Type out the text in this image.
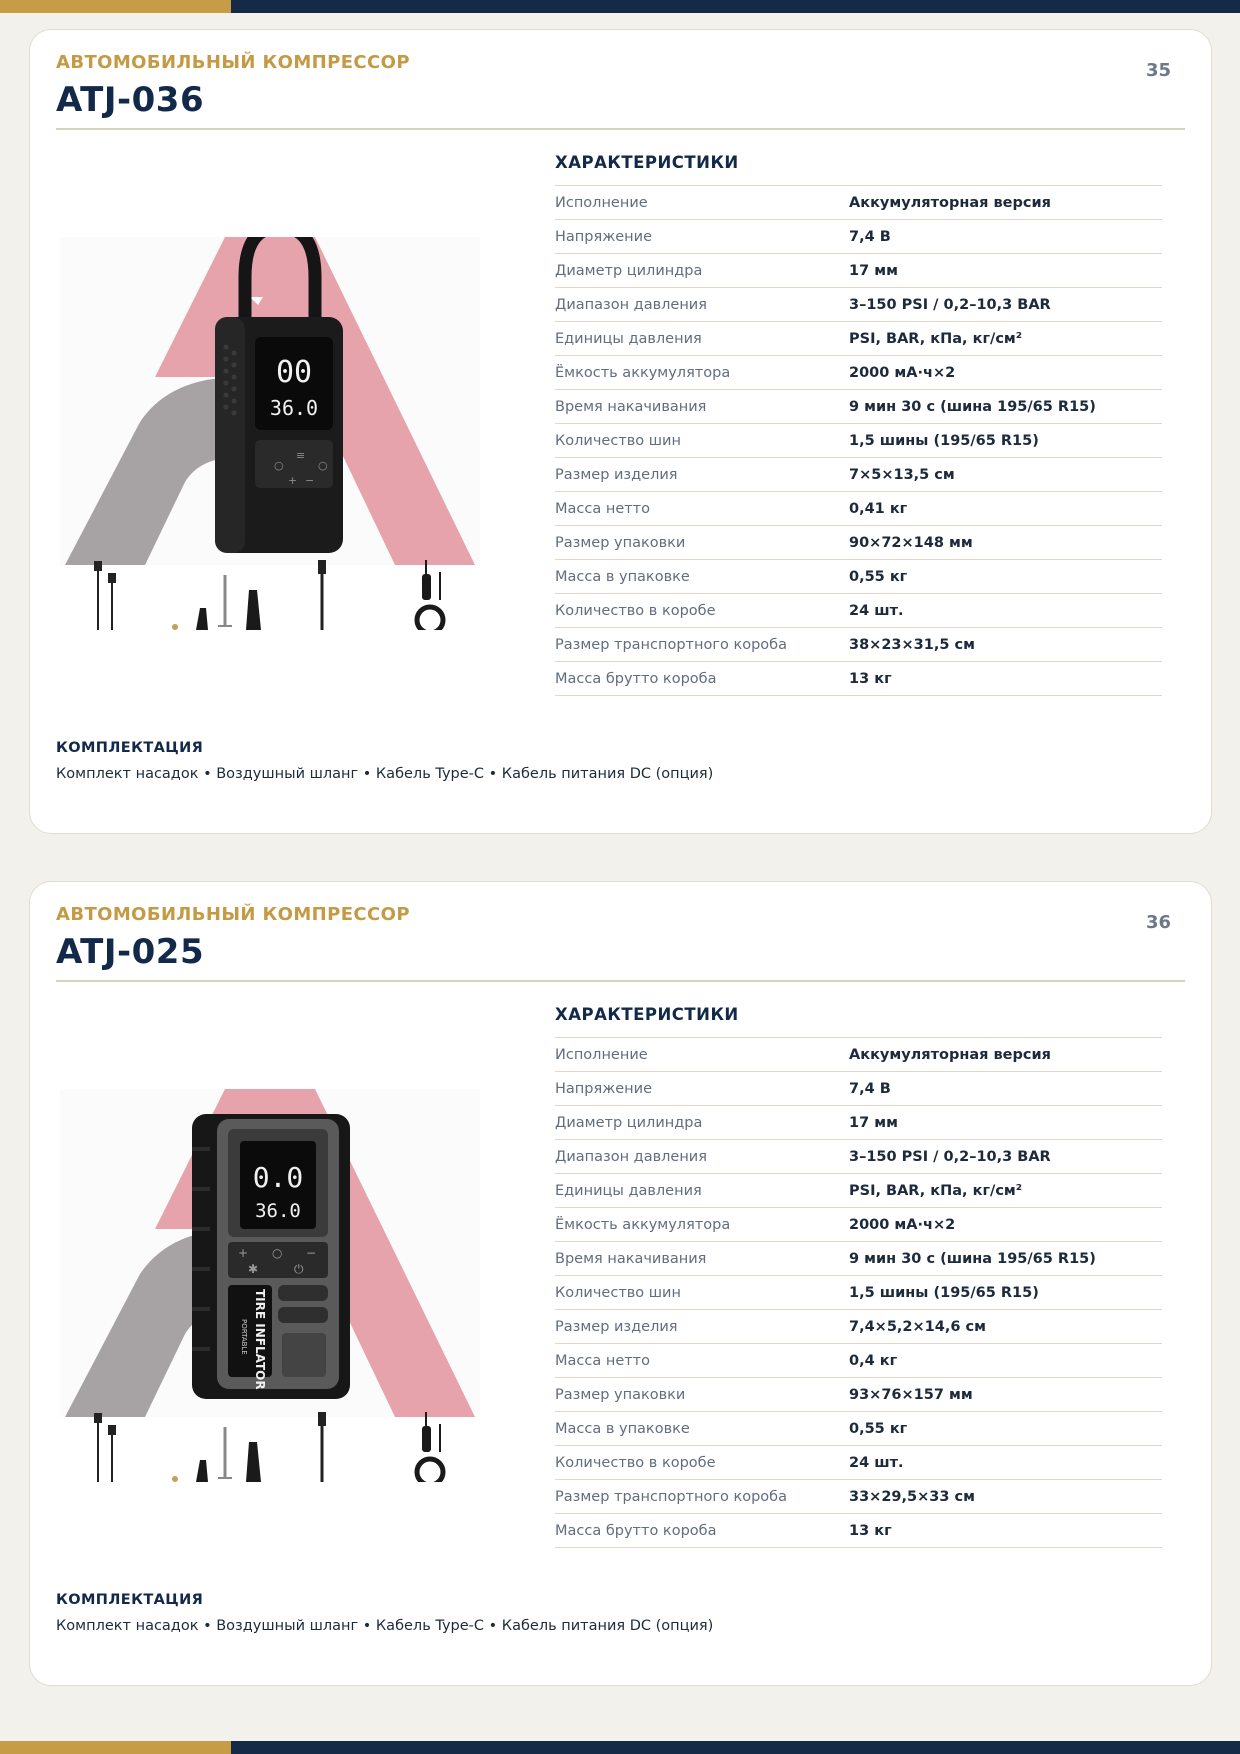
АВТОМОБИЛЬНЫЙ КОМПРЕССОР
ATJ-036
35
00
36.0
○
≡
○
+ −
ХАРАКТЕРИСТИКИ
Исполнение	Аккумуляторная версия
Напряжение	7,4 В
Диаметр цилиндра	17 мм
Диапазон давления	3–150 PSI / 0,2–10,3 BAR
Единицы давления	PSI, BAR, кПа, кг/см²
Ёмкость аккумулятора	2000 мА·ч×2
Время накачивания	9 мин 30 с (шина 195/65 R15)
Количество шин	1,5 шины (195/65 R15)
Размер изделия	7×5×13,5 см
Масса нетто	0,41 кг
Размер упаковки	90×72×148 мм
Масса в упаковке	0,55 кг
Количество в коробе	24 шт.
Размер транспортного короба	38×23×31,5 см
Масса брутто короба	13 кг
КОМПЛЕКТАЦИЯ
Комплект насадок • Воздушный шланг • Кабель Type-C • Кабель питания DC (опция)
АВТОМОБИЛЬНЫЙ КОМПРЕССОР
ATJ-025
36
0.0
36.0
+ ○ −
✱	⏻
TIRE INFLATOR
PORTABLE
ХАРАКТЕРИСТИКИ
Исполнение	Аккумуляторная версия
Напряжение	7,4 В
Диаметр цилиндра	17 мм
Диапазон давления	3–150 PSI / 0,2–10,3 BAR
Единицы давления	PSI, BAR, кПа, кг/см²
Ёмкость аккумулятора	2000 мА·ч×2
Время накачивания	9 мин 30 с (шина 195/65 R15)
Количество шин	1,5 шины (195/65 R15)
Размер изделия	7,4×5,2×14,6 см
Масса нетто	0,4 кг
Размер упаковки	93×76×157 мм
Масса в упаковке	0,55 кг
Количество в коробе	24 шт.
Размер транспортного короба	33×29,5×33 см
Масса брутто короба	13 кг
КОМПЛЕКТАЦИЯ
Комплект насадок • Воздушный шланг • Кабель Type-C • Кабель питания DC (опция)
